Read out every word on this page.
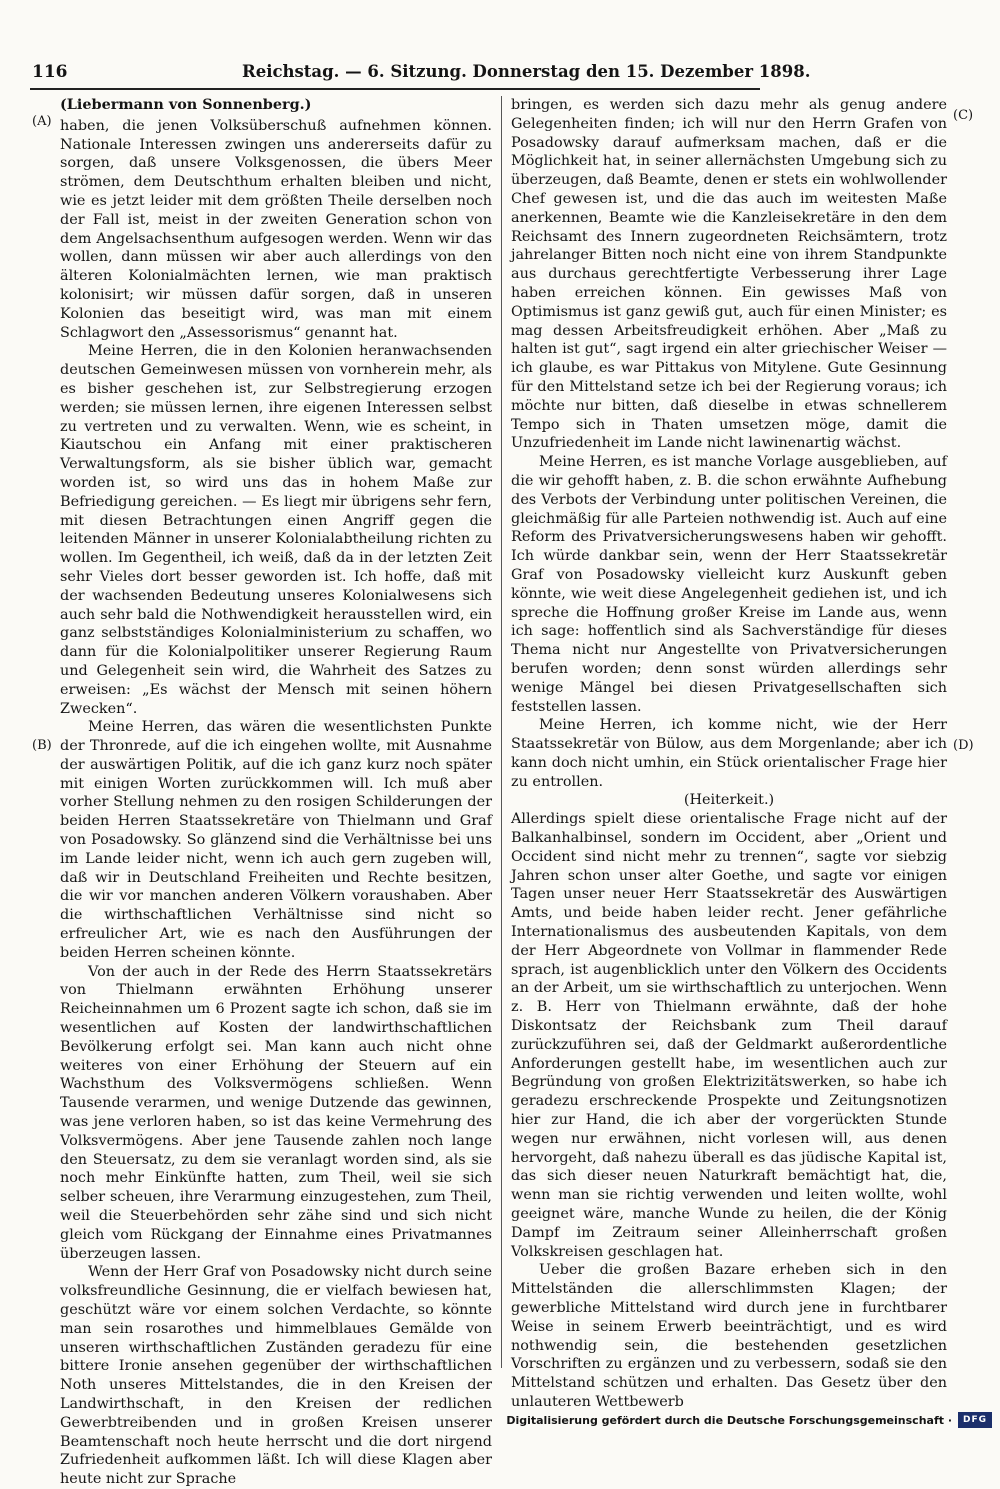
116	Reichstag. — 6. Sitzung. Donnerstag den 15. Dezember 1898.
(A)
(B)
(C)
(D)

(Liebermann von Sonnenberg.)

haben, die jenen Volksüberschuß aufnehmen können. Nationale Interessen zwingen uns andererseits dafür zu sorgen, daß unsere Volksgenossen, die übers Meer strömen, dem Deutschthum erhalten bleiben und nicht, wie es jetzt leider mit dem größten Theile derselben noch der Fall ist, meist in der zweiten Generation schon von dem Angelsachsenthum aufgesogen werden. Wenn wir das wollen, dann müssen wir aber auch allerdings von den älteren Kolonialmächten lernen, wie man praktisch kolonisirt; wir müssen dafür sorgen, daß in unseren Kolonien das beseitigt wird, was man mit einem Schlagwort den „Assessorismus“ genannt hat.

Meine Herren, die in den Kolonien heranwachsenden deutschen Gemeinwesen müssen von vornherein mehr, als es bisher geschehen ist, zur Selbstregierung erzogen werden; sie müssen lernen, ihre eigenen Interessen selbst zu vertreten und zu verwalten. Wenn, wie es scheint, in Kiautschou ein Anfang mit einer praktischeren Verwaltungsform, als sie bisher üblich war, gemacht worden ist, so wird uns das in hohem Maße zur Befriedigung gereichen. — Es liegt mir übrigens sehr fern, mit diesen Betrachtungen einen Angriff gegen die leitenden Männer in unserer Kolonialabtheilung richten zu wollen. Im Gegentheil, ich weiß, daß da in der letzten Zeit sehr Vieles dort besser geworden ist. Ich hoffe, daß mit der wachsenden Bedeutung unseres Kolonialwesens sich auch sehr bald die Nothwendigkeit herausstellen wird, ein ganz selbstständiges Kolonialministerium zu schaffen, wo dann für die Kolonialpolitiker unserer Regierung Raum und Gelegenheit sein wird, die Wahrheit des Satzes zu erweisen: „Es wächst der Mensch mit seinen höhern Zwecken“.

Meine Herren, das wären die wesentlichsten Punkte der Thronrede, auf die ich eingehen wollte, mit Ausnahme der auswärtigen Politik, auf die ich ganz kurz noch später mit einigen Worten zurückkommen will. Ich muß aber vorher Stellung nehmen zu den rosigen Schilderungen der beiden Herren Staatssekretäre von Thielmann und Graf von Posadowsky. So glänzend sind die Verhältnisse bei uns im Lande leider nicht, wenn ich auch gern zugeben will, daß wir in Deutschland Freiheiten und Rechte besitzen, die wir vor manchen anderen Völkern voraushaben. Aber die wirthschaftlichen Verhältnisse sind nicht so erfreulicher Art, wie es nach den Ausführungen der beiden Herren scheinen könnte.

Von der auch in der Rede des Herrn Staatssekretärs von Thielmann erwähnten Erhöhung unserer Reicheinnahmen um 6 Prozent sagte ich schon, daß sie im wesentlichen auf Kosten der landwirthschaftlichen Bevölkerung erfolgt sei. Man kann auch nicht ohne weiteres von einer Erhöhung der Steuern auf ein Wachsthum des Volksvermögens schließen. Wenn Tausende verarmen, und wenige Dutzende das gewinnen, was jene verloren haben, so ist das keine Vermehrung des Volksvermögens. Aber jene Tausende zahlen noch lange den Steuersatz, zu dem sie veranlagt worden sind, als sie noch mehr Einkünfte hatten, zum Theil, weil sie sich selber scheuen, ihre Verarmung einzugestehen, zum Theil, weil die Steuerbehörden sehr zähe sind und sich nicht gleich vom Rückgang der Einnahme eines Privatmannes überzeugen lassen.

Wenn der Herr Graf von Posadowsky nicht durch seine volksfreundliche Gesinnung, die er vielfach bewiesen hat, geschützt wäre vor einem solchen Verdachte, so könnte man sein rosarothes und himmelblaues Gemälde von unseren wirthschaftlichen Zuständen geradezu für eine bittere Ironie ansehen gegenüber der wirthschaftlichen Noth unseres Mittelstandes, die in den Kreisen der Landwirthschaft, in den Kreisen der redlichen Gewerbtreibenden und in großen Kreisen unserer Beamtenschaft noch heute herrscht und die dort nirgend Zufriedenheit aufkommen läßt. Ich will diese Klagen aber heute nicht zur Sprache

bringen, es werden sich dazu mehr als genug andere Gelegenheiten finden; ich will nur den Herrn Grafen von Posadowsky darauf aufmerksam machen, daß er die Möglichkeit hat, in seiner allernächsten Umgebung sich zu überzeugen, daß Beamte, denen er stets ein wohlwollender Chef gewesen ist, und die das auch im weitesten Maße anerkennen, Beamte wie die Kanzleisekretäre in den dem Reichsamt des Innern zugeordneten Reichsämtern, trotz jahrelanger Bitten noch nicht eine von ihrem Standpunkte aus durchaus gerechtfertigte Verbesserung ihrer Lage haben erreichen können. Ein gewisses Maß von Optimismus ist ganz gewiß gut, auch für einen Minister; es mag dessen Arbeitsfreudigkeit erhöhen. Aber „Maß zu halten ist gut“, sagt irgend ein alter griechischer Weiser — ich glaube, es war Pittakus von Mitylene. Gute Gesinnung für den Mittelstand setze ich bei der Regierung voraus; ich möchte nur bitten, daß dieselbe in etwas schnellerem Tempo sich in Thaten umsetzen möge, damit die Unzufriedenheit im Lande nicht lawinenartig wächst.

Meine Herren, es ist manche Vorlage ausgeblieben, auf die wir gehofft haben, z. B. die schon erwähnte Aufhebung des Verbots der Verbindung unter politischen Vereinen, die gleichmäßig für alle Parteien nothwendig ist. Auch auf eine Reform des Privatversicherungswesens haben wir gehofft. Ich würde dankbar sein, wenn der Herr Staatssekretär Graf von Posadowsky vielleicht kurz Auskunft geben könnte, wie weit diese Angelegenheit gediehen ist, und ich spreche die Hoffnung großer Kreise im Lande aus, wenn ich sage: hoffentlich sind als Sachverständige für dieses Thema nicht nur Angestellte von Privatversicherungen berufen worden; denn sonst würden allerdings sehr wenige Mängel bei diesen Privatgesellschaften sich feststellen lassen.

Meine Herren, ich komme nicht, wie der Herr Staatssekretär von Bülow, aus dem Morgenlande; aber ich kann doch nicht umhin, ein Stück orientalischer Frage hier zu entrollen.

(Heiterkeit.)

Allerdings spielt diese orientalische Frage nicht auf der Balkanhalbinsel, sondern im Occident, aber „Orient und Occident sind nicht mehr zu trennen“, sagte vor siebzig Jahren schon unser alter Goethe, und sagte vor einigen Tagen unser neuer Herr Staatssekretär des Auswärtigen Amts, und beide haben leider recht. Jener gefährliche Internationalismus des ausbeutenden Kapitals, von dem der Herr Abgeordnete von Vollmar in flammender Rede sprach, ist augenblicklich unter den Völkern des Occidents an der Arbeit, um sie wirthschaftlich zu unterjochen. Wenn z. B. Herr von Thielmann erwähnte, daß der hohe Diskontsatz der Reichsbank zum Theil darauf zurückzuführen sei, daß der Geldmarkt außerordentliche Anforderungen gestellt habe, im wesentlichen auch zur Begründung von großen Elektrizitätswerken, so habe ich geradezu erschreckende Prospekte und Zeitungsnotizen hier zur Hand, die ich aber der vorgerückten Stunde wegen nur erwähnen, nicht vorlesen will, aus denen hervorgeht, daß nahezu überall es das jüdische Kapital ist, das sich dieser neuen Naturkraft bemächtigt hat, die, wenn man sie richtig verwenden und leiten wollte, wohl geeignet wäre, manche Wunde zu heilen, die der König Dampf im Zeitraum seiner Alleinherrschaft großen Volkskreisen geschlagen hat.

Ueber die großen Bazare erheben sich in den Mittelständen die allerschlimmsten Klagen; der gewerbliche Mittelstand wird durch jene in furchtbarer Weise in seinem Erwerb beeinträchtigt, und es wird nothwendig sein, die bestehenden gesetzlichen Vorschriften zu ergänzen und zu verbessern, sodaß sie den Mittelstand schützen und erhalten. Das Gesetz über den unlauteren Wettbewerb

Digitalisierung gefördert durch die Deutsche Forschungsgemeinschaft ·	DFG
